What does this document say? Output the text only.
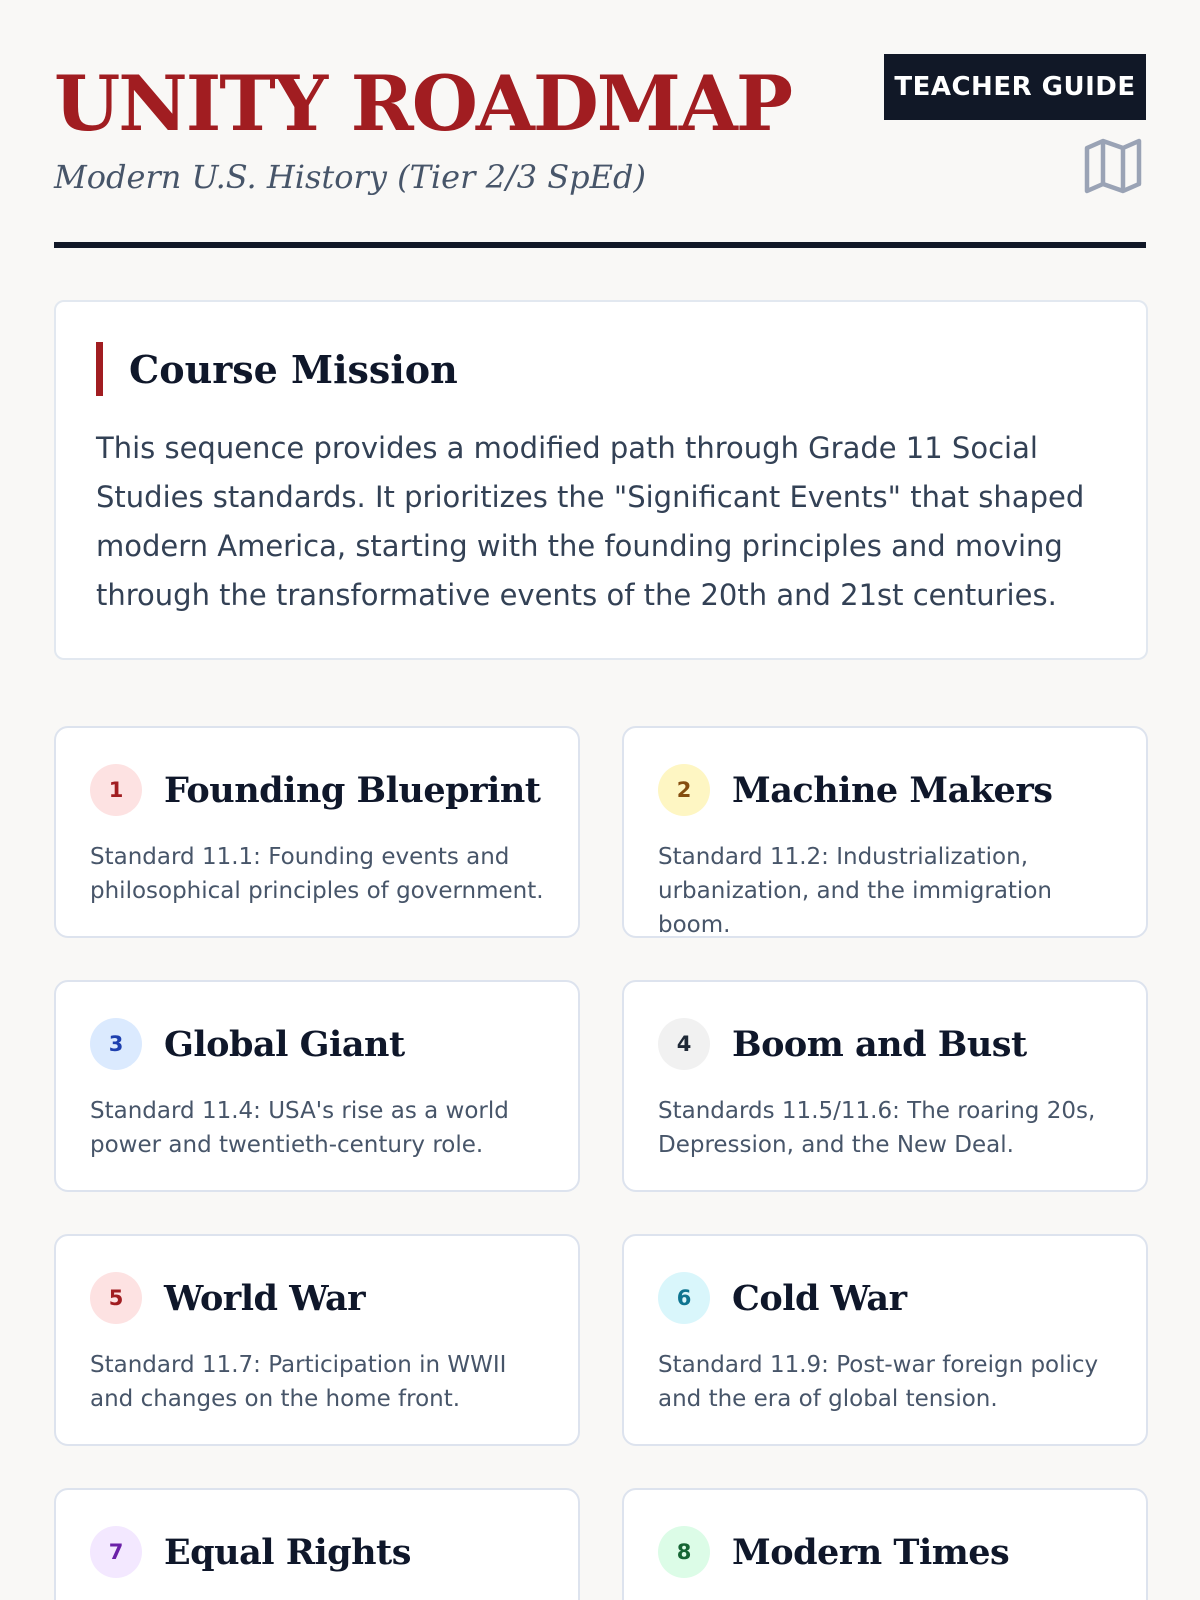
UNITY ROADMAP
Modern U.S. History (Tier 2/3 SpEd)
TEACHER GUIDE
Course Mission

This sequence provides a modified path through Grade 11 Social Studies standards. It prioritizes the "Significant Events" that shaped modern America, starting with the founding principles and moving through the transformative events of the 20th and 21st centuries.

1	Founding Blueprint

Standard 11.1: Founding events and philosophical principles of government.

2	Machine Makers

Standard 11.2: Industrialization, urbanization, and the immigration boom.

3	Global Giant

Standard 11.4: USA's rise as a world power and twentieth-century role.

4	Boom and Bust

Standards 11.5/11.6: The roaring 20s, Depression, and the New Deal.

5	World War

Standard 11.7: Participation in WWII and changes on the home front.

6	Cold War

Standard 11.9: Post-war foreign policy and the era of global tension.

7	Equal Rights	8	Modern Times
